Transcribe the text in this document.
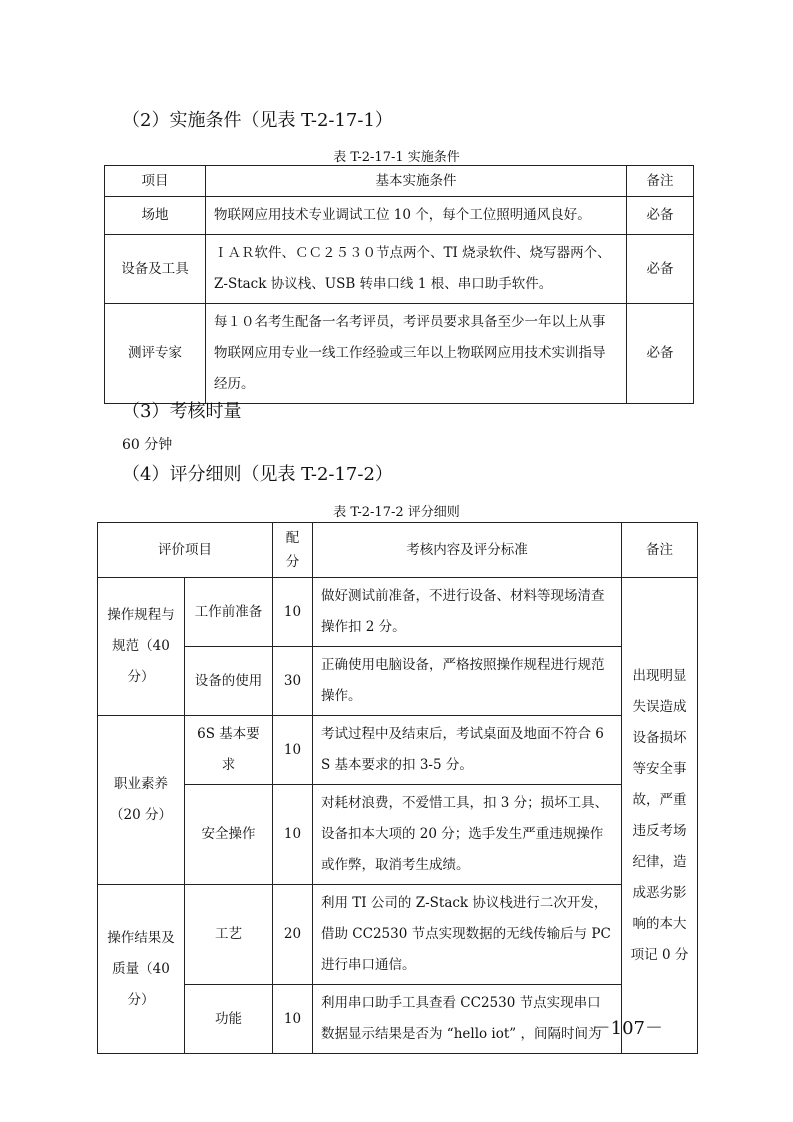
（2）实施条件（见表 T-2-17-1）
表 T-2-17-1 实施条件
项目	基本实施条件	备注
场地	物联网应用技术专业调试工位 10 个，每个工位照明通风良好。	必备
设备及工具	ＩＡＲ软件、ＣＣ２５３０节点两个、TI 烧录软件、烧写器两个、Z-Stack 协议栈、USB 转串口线 1 根、串口助手软件。	必备
测评专家	每１０名考生配备一名考评员，考评员要求具备至少一年以上从事物联网应用专业一线工作经验或三年以上物联网应用技术实训指导经历。	必备
（3）考核时量
60 分钟
（4）评分细则（见表 T-2-17-2）
表 T-2-17-2 评分细则
评价项目		配分	考核内容及评分标准	备注
操作规程与规范（40 分）	工作前准备	10	做好测试前准备，不进行设备、材料等现场清查操作扣 2 分。	出现明显失误造成设备损坏等安全事故，严重违反考场纪律，造成恶劣影响的本大项记 0 分
	设备的使用	30	正确使用电脑设备，严格按照操作规程进行规范操作。	
职业素养（20 分）	6S 基本要求	10	考试过程中及结束后，考试桌面及地面不符合 6S 基本要求的扣 3-5 分。	
	安全操作	10	对耗材浪费，不爱惜工具，扣 3 分；损坏工具、设备扣本大项的 20 分；选手发生严重违规操作或作弊，取消考生成绩。	
操作结果及质量（40 分）	工艺	20	利用 TI 公司的 Z-Stack 协议栈进行二次开发，借助 CC2530 节点实现数据的无线传输后与 PC 进行串口通信。	
	功能	10	利用串口助手工具查看 CC2530 节点实现串口数据显示结果是否为 “hello iot” ，间隔时间为	
－107－
